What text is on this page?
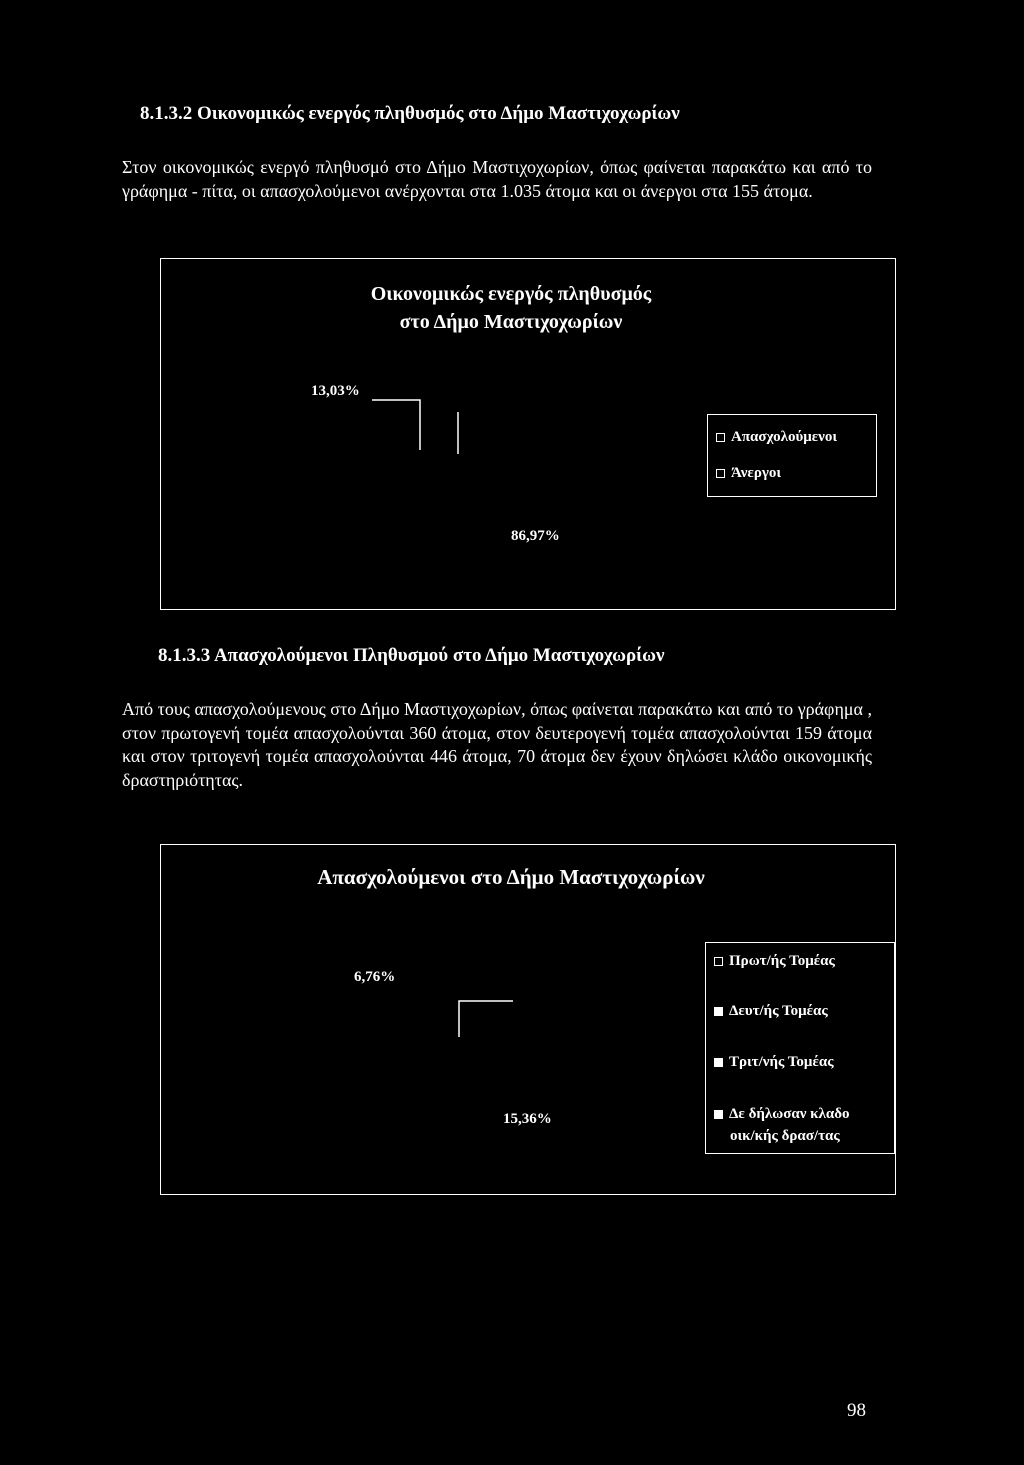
8.1.3.2 Οικονομικώς ενεργός πληθυσμός στο Δήμο Μαστιχοχωρίων
Στον οικονομικώς ενεργό πληθυσμό στο Δήμο Μαστιχοχωρίων, όπως φαίνεται παρακάτω και από το γράφημα - πίτα, οι απασχολούμενοι ανέρχονται στα 1.035 άτομα και οι άνεργοι στα 155 άτομα.
Οικονομικώς ενεργός πληθυσμός
στο Δήμο Μαστιχοχωρίων
13,03%
86,97%
Απασχολούμενοι
Άνεργοι
8.1.3.3 Απασχολούμενοι Πληθυσμού στο Δήμο Μαστιχοχωρίων
Από τους απασχολούμενους στο Δήμο Μαστιχοχωρίων, όπως φαίνεται παρακάτω και από το γράφημα , στον πρωτογενή τομέα απασχολούνται 360 άτομα, στον δευτερογενή τομέα απασχολούνται 159 άτομα και στον τριτογενή τομέα απασχολούνται 446 άτομα, 70 άτομα δεν έχουν δηλώσει κλάδο οικονομικής δραστηριότητας.
Απασχολούμενοι στο Δήμο Μαστιχοχωρίων
6,76%
15,36%
Πρωτ/ής Τομέας
Δευτ/ής Τομέας
Τριτ/νής Τομέας
Δε δήλωσαν κλαδο
οικ/κής δρασ/τας
98
